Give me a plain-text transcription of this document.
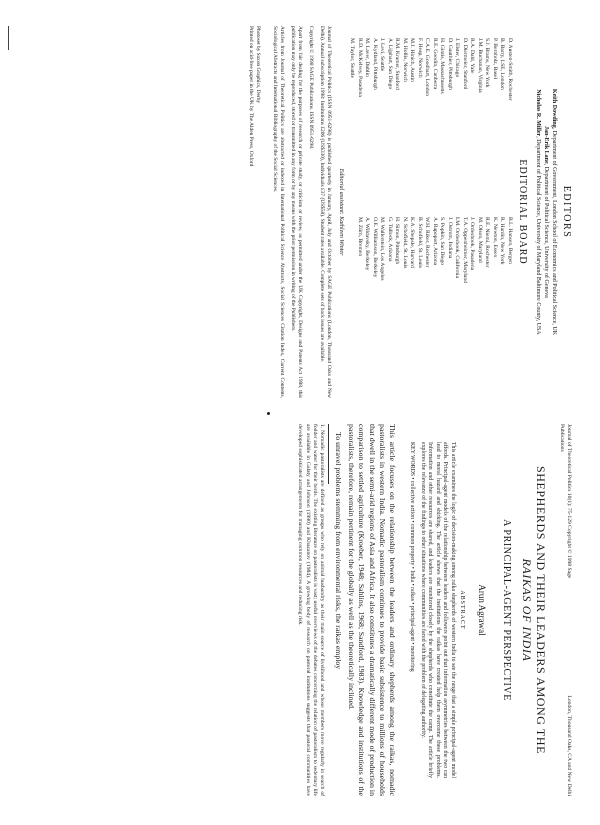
EDITORS

Keith Dowding, Department of Government, London School of Economics and Political Science, UK

Jan-Erik Lane, Department of Political Science, University of Geneva

Nicholas R. Miller, Department of Political Science, University of Maryland Baltimore County, USA

EDITORIAL BOARD
D. Austen-Smith, Rochester
B. Barry, LSE, London
P. Bernholz, Basel
S.J. Brams, New York
J.M. Buchanan, Virginia
R.A. Dahl, Yale
D. Diermeier, Stanford
J. Elster, Chicago
D. Gauthier, Pittsburgh
H. Gintis, Massachusetts
R.E. Goodin, Canberra
C.A.E. Goodhart, London
F. Heap, Norwich
M.J. Hinich, Austin
M. Hollis, Norwich
R.M. Kramer, Stanford
A. Lijphart, San Diego
J. Levi, Seattle
A. Kydland, Pittsburgh
M. Laver, Dublin
R.D. McKelvey, Pasadena
M. Taylor, Seattle
B.L. Hansen, Bergen
R. Hardin, New York
K. Newton, Essex
R.E. Niemi, Rochester
M. Olson, Maryland
J. Ordeshook, Pasadena
T.A. Oppenheimer, Maryland
I.M. Ordeshook, California
J. Ostrom, Indiana
S. Popkin, San Diego
A. Rapoport, Arizona
W.H. Riker, Rochester
B. Schofield, St. Louis
K.A. Shepsle, Harvard
N. Schofield, St. Louis
H. Simon, Pittsburgh
G. Tullock, Arizona
M. Wallerstein, Los Angeles
O.E. Williamson, Berkeley
A. Wildavsky, Berkeley
M. Zürn, Bremen
Editorial assistant: Kathleen Winter

Journal of Theoretical Politics (ISSN 0951-6298) is published quarterly in January, April, July and October by SAGE Publications (London, Thousand Oaks and New Delhi). Annual subscription 1998: Institutions £206 (US$330), Individuals £37 (US$58). Student rates available. Complete sets of back issues are available.

Copyright © 1998 SAGE Publications. ISSN 0951-6298.

Apart from fair dealing for the purposes of research or private study, or criticism or review, as permitted under the UK Copyright, Designs and Patents Act 1988, this publication may only be reproduced, stored or transmitted in any form or by any means with the prior permission in writing of the Publishers.

Articles from Journal of Theoretical Politics are abstracted or indexed in International Political Science Abstracts, Social Sciences Citation Index, Current Contents, Sociological Abstracts and International Bibliography of the Social Sciences.

Photoset by Saxon Graphics, Derby
Printed on acid-free paper in the UK by The Alden Press, Oxford
Journal of Theoretical Politics 10(1): 75-129 Copyright © 1998 Sage Publications
London, Thousand Oaks, CA and New Delhi
SHEPHERDS AND THEIR LEADERS AMONG THE
RAIKAS OF INDIA
A PRINCIPAL-AGENT PERSPECTIVE
Arun Agrawal
ABSTRACT
This article examines the logic of decision-making among raika shepherds of western India to see the range that a simple principal-agent model affords. Principal-agent models of the relationship between leaders and followers point out that information asymmetries between the two can lead to moral hazard and shirking. The article shows that the institutions the raikas have created help them overcome these problems. Information and other resources are shared, and leaders are monitored closely by the shepherds who constitute the camp. The article briefly explores the relevance of the findings to other situations where communities are faced with the problem of delegating authority.
KEY WORDS • collective action • common property • India • raikas • principal-agent • monitoring

This article focuses on the relationship between the leaders and ordinary shepherds among the raikas, nomadic pastoralists in western India. Nomadic pastoralism continues to provide basic subsistence to millions of households that dwell in the semi-arid regions of Asia and Africa. It also constitutes a dramatically different mode of production in comparison to settled agriculture (Kroeber, 1948; Sahlins, 1968; Sandford, 1983). Knowledge and institutions of the pastoralists, therefore, remain pertinent for the globally as well as the theoretically inclined.

To unravel problems stemming from environmental risks, the raikas employ

1. Nomadic pastoralists are defined as groups who rely on animal husbandry as their main source of livelihood and whose members move regularly in search of fodder and water for their herds. The existing literature on pastoralists is vast; useful overviews of the debates concerning the relation of pastoralism to sedentary life are available in Galaty and Johnson (1990) and Khazanov (1984). A growing body of research on pastoral institutions suggests that pastoral communities have developed sophisticated arrangements for managing common resources and reducing risk.
